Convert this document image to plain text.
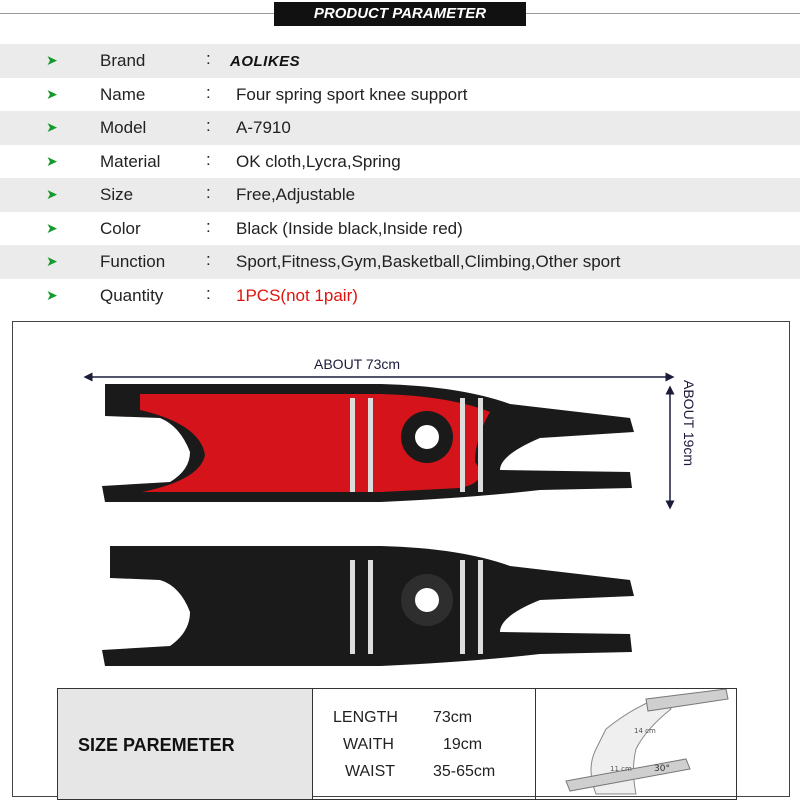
PRODUCT PARAMETER
➤ Brand	: AOLIKES
➤ Name	: Four spring sport knee support
➤ Model	: A-7910
➤ Material	: OK cloth,Lycra,Spring
➤ Size	: Free,Adjustable
➤ Color	: Black (Inside black,Inside red)
➤ Function : Sport,Fitness,Gym,Basketball,Climbing,Other sport
➤ Quantity	: 1PCS(not 1pair)
ABOUT 73cm
ABOUT 19cm
SIZE PAREMETER
LENGTH 73cm
WAITH	19cm
WAIST 35-65cm
14 cm
11 cm 30°
